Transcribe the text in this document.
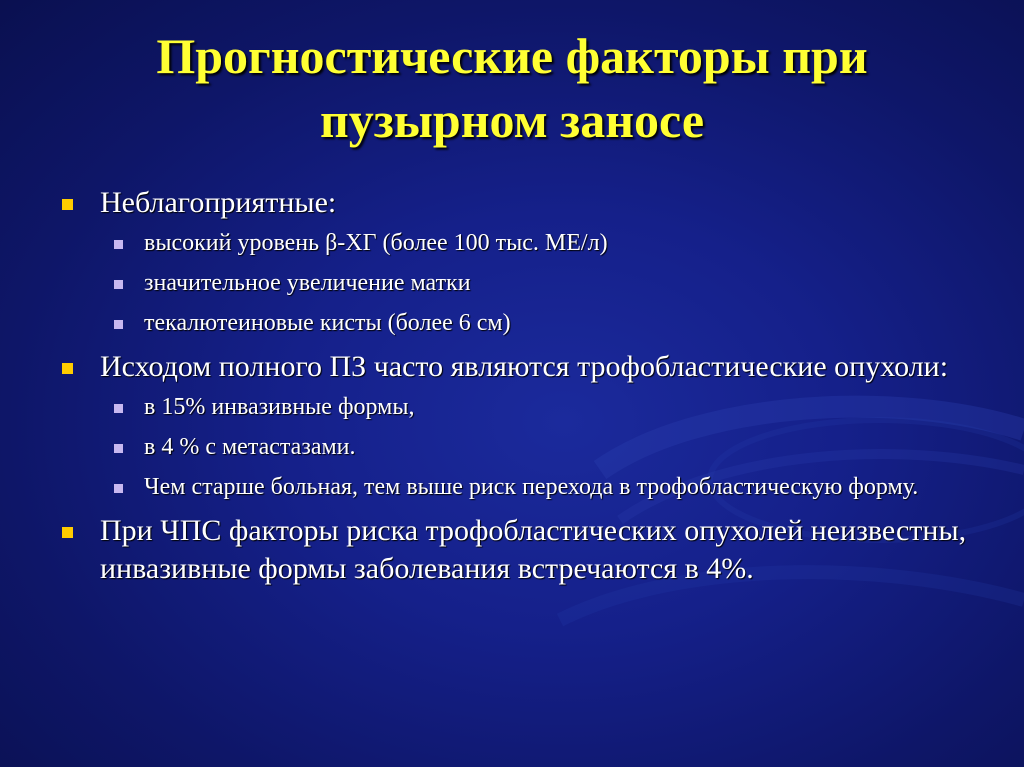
Прогностические факторы при
пузырном заносе
Неблагоприятные:
высокий уровень β-ХГ (более 100 тыс. МЕ/л)
значительное увеличение матки
текалютеиновые кисты (более 6 см)
Исходом полного ПЗ часто являются трофобластические опухоли:
в 15% инвазивные формы,
в 4 % с метастазами.
Чем старше больная, тем выше риск перехода в трофобластическую форму.
При ЧПС факторы риска трофобластических опухолей неизвестны, инвазивные формы заболевания встречаются в 4%.
